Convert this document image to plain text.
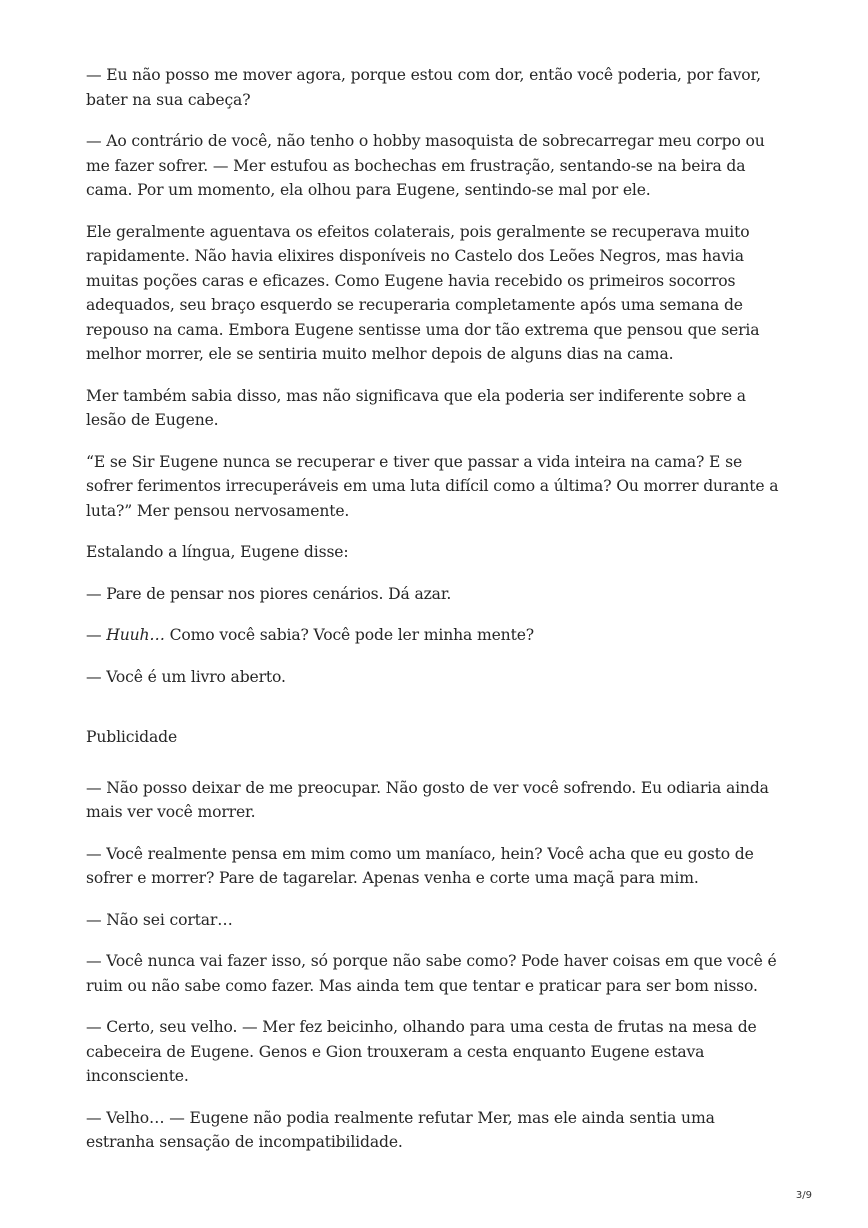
— Eu não posso me mover agora, porque estou com dor, então você poderia, por favor, bater na sua cabeça?

— Ao contrário de você, não tenho o hobby masoquista de sobrecarregar meu corpo ou me fazer sofrer. — Mer estufou as bochechas em frustração, sentando-se na beira da cama. Por um momento, ela olhou para Eugene, sentindo-se mal por ele.

Ele geralmente aguentava os efeitos colaterais, pois geralmente se recuperava muito rapidamente. Não havia elixires disponíveis no Castelo dos Leões Negros, mas havia muitas poções caras e eficazes. Como Eugene havia recebido os primeiros socorros adequados, seu braço esquerdo se recuperaria completamente após uma semana de repouso na cama. Embora Eugene sentisse uma dor tão extrema que pensou que seria melhor morrer, ele se sentiria muito melhor depois de alguns dias na cama.

Mer também sabia disso, mas não significava que ela poderia ser indiferente sobre a lesão de Eugene.

“E se Sir Eugene nunca se recuperar e tiver que passar a vida inteira na cama? E se sofrer ferimentos irrecuperáveis em uma luta difícil como a última? Ou morrer durante a luta?” Mer pensou nervosamente.

Estalando a língua, Eugene disse:

— Pare de pensar nos piores cenários. Dá azar.

— Huuh… Como você sabia? Você pode ler minha mente?

— Você é um livro aberto.

Publicidade

— Não posso deixar de me preocupar. Não gosto de ver você sofrendo. Eu odiaria ainda mais ver você morrer.

— Você realmente pensa em mim como um maníaco, hein? Você acha que eu gosto de sofrer e morrer? Pare de tagarelar. Apenas venha e corte uma maçã para mim.

— Não sei cortar…

— Você nunca vai fazer isso, só porque não sabe como? Pode haver coisas em que você é ruim ou não sabe como fazer. Mas ainda tem que tentar e praticar para ser bom nisso.

— Certo, seu velho. — Mer fez beicinho, olhando para uma cesta de frutas na mesa de cabeceira de Eugene. Genos e Gion trouxeram a cesta enquanto Eugene estava inconsciente.

— Velho… — Eugene não podia realmente refutar Mer, mas ele ainda sentia uma estranha sensação de incompatibilidade.

3/9
